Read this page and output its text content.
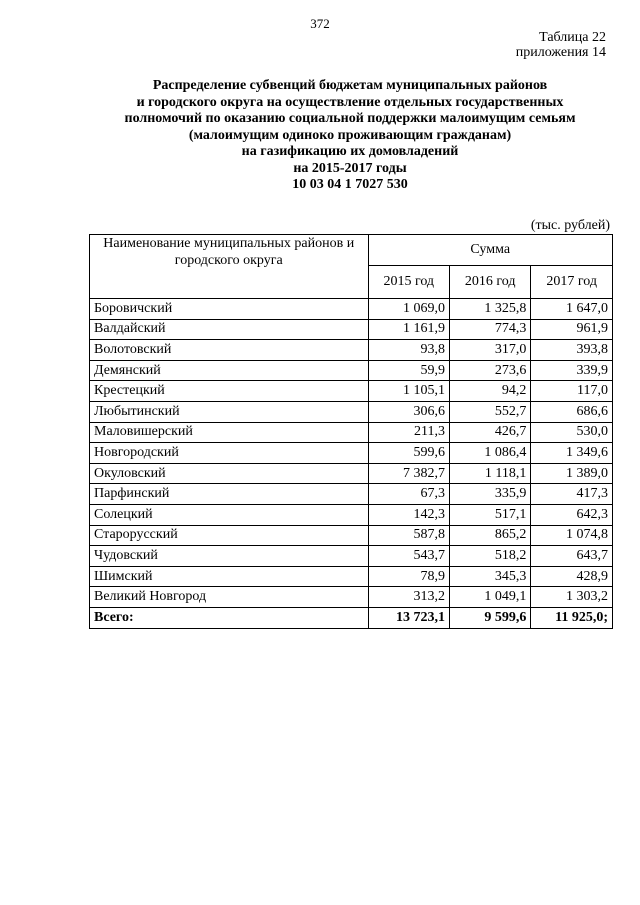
372
Таблица 22
приложения 14
Распределение субвенций бюджетам муниципальных районов
и городского округа на осуществление отдельных государственных
полномочий по оказанию социальной поддержки малоимущим семьям
(малоимущим одиноко проживающим гражданам)
на газификацию их домовладений
на 2015-2017 годы
10 03 04 1 7027 530
(тыс. рублей)
Наименование муниципальных районов и городского округа	Сумма		
	2015 год	2016 год	2017 год
Боровичский	1 069,0	1 325,8	1 647,0
Валдайский	1 161,9	774,3	961,9
Волотовский	93,8	317,0	393,8
Демянский	59,9	273,6	339,9
Крестецкий	1 105,1	94,2	117,0
Любытинский	306,6	552,7	686,6
Маловишерский	211,3	426,7	530,0
Новгородский	599,6	1 086,4	1 349,6
Окуловский	7 382,7	1 118,1	1 389,0
Парфинский	67,3	335,9	417,3
Солецкий	142,3	517,1	642,3
Старорусский	587,8	865,2	1 074,8
Чудовский	543,7	518,2	643,7
Шимский	78,9	345,3	428,9
Великий Новгород	313,2	1 049,1	1 303,2
Всего:	13 723,1	9 599,6	11 925,0;
